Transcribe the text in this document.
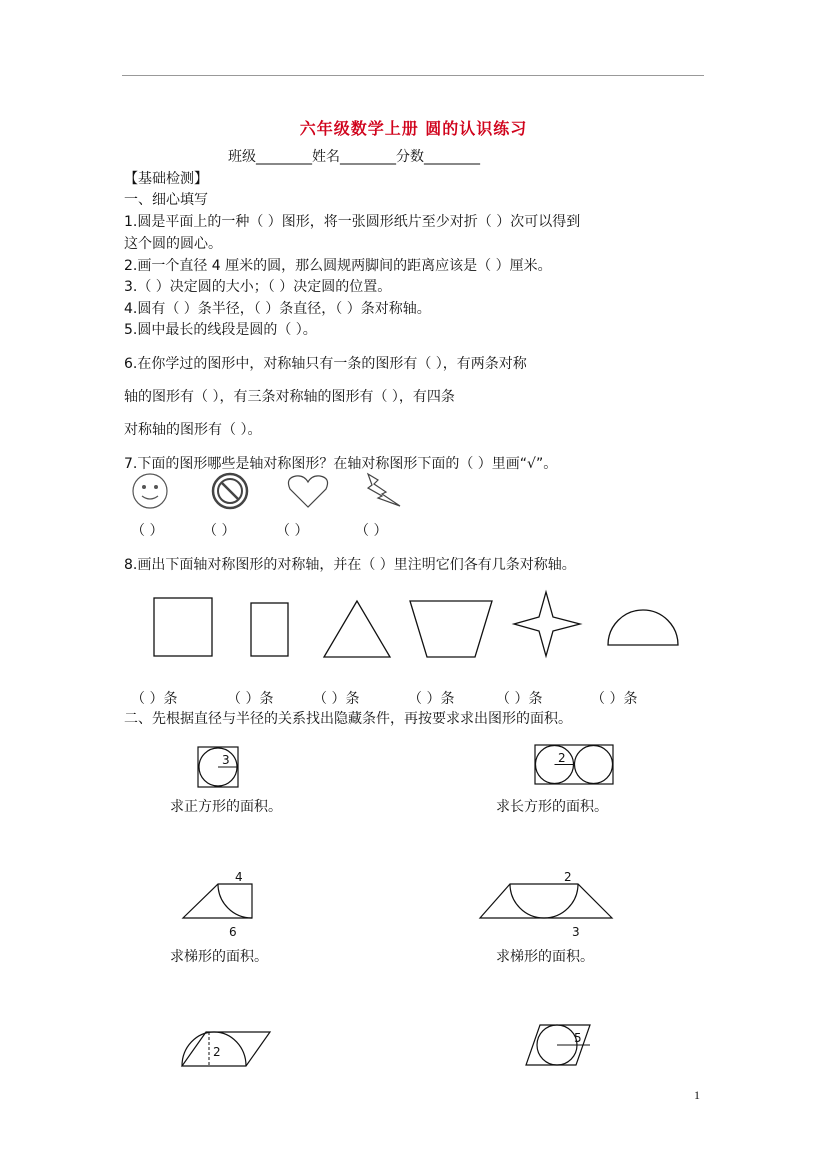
六年级数学上册 圆的认识练习
班级________姓名________分数________
【基础检测】
一、细心填写
1.圆是平面上的一种（ ）图形，将一张圆形纸片至少对折（ ）次可以得到
这个圆的圆心。
2.画一个直径 4 厘米的圆，那么圆规两脚间的距离应该是（ ）厘米。
3.（ ）决定圆的大小；（ ）决定圆的位置。
4.圆有（ ）条半径，（ ）条直径，（ ）条对称轴。
5.圆中最长的线段是圆的（ ）。
6.在你学过的图形中，对称轴只有一条的图形有（ ），有两条对称
轴的图形有（ ），有三条对称轴的图形有（ ），有四条
对称轴的图形有（ ）。
7.下面的图形哪些是轴对称图形？在轴对称图形下面的（ ）里画“√”。
（ ）	（ ）	（ ）	（ ）
8.画出下面轴对称图形的对称轴，并在（ ）里注明它们各有几条对称轴。
（ ）条	（ ）条	（ ）条	（ ）条	（ ）条	（ ）条
二、先根据直径与半径的关系找出隐藏条件，再按要求求出图形的面积。
3	2
4
6
2
3
2
5
求正方形的面积。	求长方形的面积。
求梯形的面积。	求梯形的面积。
1
